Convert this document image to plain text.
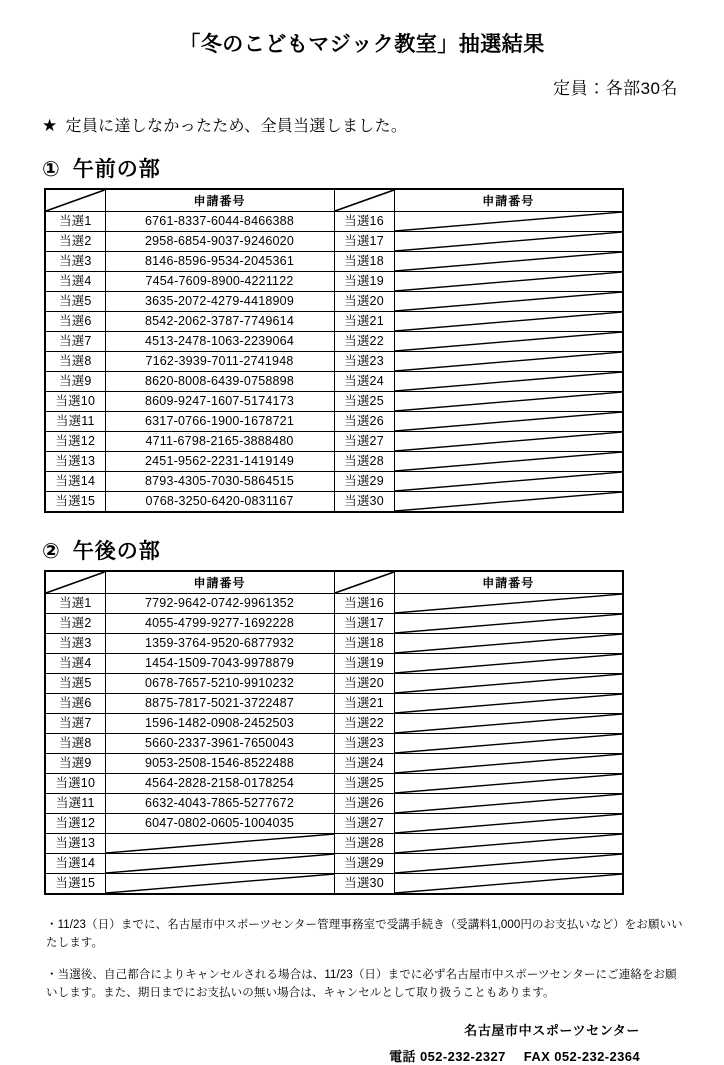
「冬のこどもマジック教室」抽選結果
定員：各部30名
★ 定員に達しなかったため、全員当選しました。
① 午前の部
	申請番号		申請番号
当選1	6761-8337-6044-8466388	当選16	

当選2	2958-6854-9037-9246020	当選17	

当選3	8146-8596-9534-2045361	当選18	

当選4	7454-7609-8900-4221122	当選19	

当選5	3635-2072-4279-4418909	当選20	

当選6	8542-2062-3787-7749614	当選21	

当選7	4513-2478-1063-2239064	当選22	

当選8	7162-3939-7011-2741948	当選23	

当選9	8620-8008-6439-0758898	当選24	

当選10	8609-9247-1607-5174173	当選25	

当選11	6317-0766-1900-1678721	当選26	

当選12	4711-6798-2165-3888480	当選27	

当選13	2451-9562-2231-1419149	当選28	

当選14	8793-4305-7030-5864515	当選29	

当選15	0768-3250-6420-0831167	当選30	
② 午後の部
	申請番号		申請番号
当選1	7792-9642-0742-9961352	当選16	

当選2	4055-4799-9277-1692228	当選17	

当選3	1359-3764-9520-6877932	当選18	

当選4	1454-1509-7043-9978879	当選19	

当選5	0678-7657-5210-9910232	当選20	

当選6	8875-7817-5021-3722487	当選21	

当選7	1596-1482-0908-2452503	当選22	

当選8	5660-2337-3961-7650043	当選23	

当選9	9053-2508-1546-8522488	当選24	

当選10	4564-2828-2158-0178254	当選25	

当選11	6632-4043-7865-5277672	当選26	

当選12	6047-0802-0605-1004035	当選27	

当選13		当選28	

当選14		当選29	

当選15		当選30	

・11/23（日）までに、名古屋市中スポーツセンター管理事務室で受講手続き（受講料1,000円のお支払いなど）をお願いいたします。

・当選後、自己都合によりキャンセルされる場合は、11/23（日）までに必ず名古屋市中スポーツセンターにご連絡をお願いします。また、期日までにお支払いの無い場合は、キャンセルとして取り扱うこともあります。

名古屋市中スポーツセンター
電話 052-232-2327 FAX 052-232-2364
